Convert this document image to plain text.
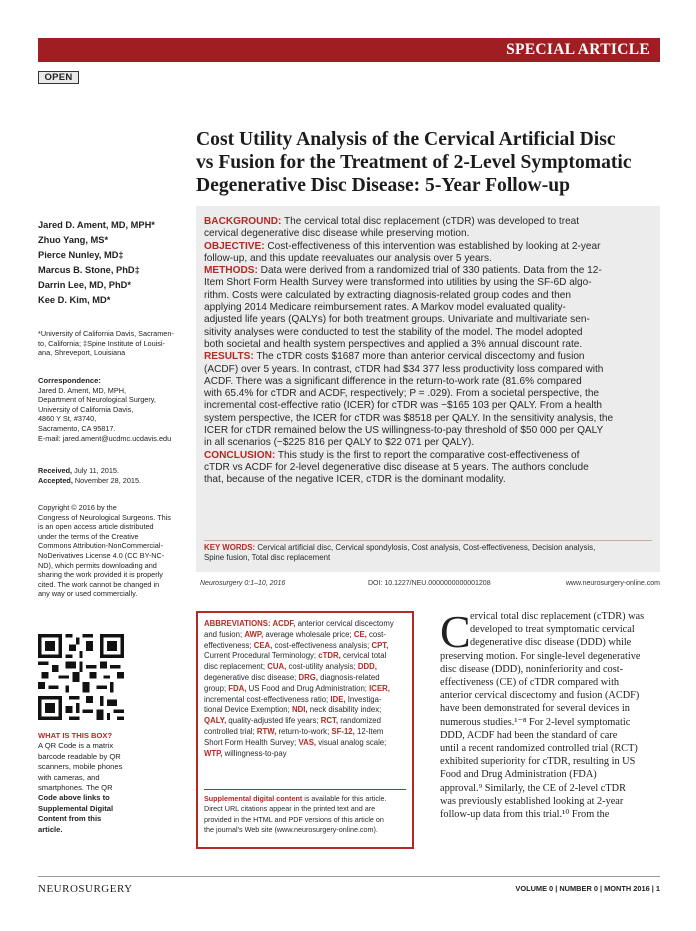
SPECIAL ARTICLE
OPEN
Cost Utility Analysis of the Cervical Artificial Disc
vs Fusion for the Treatment of 2-Level Symptomatic
Degenerative Disc Disease: 5-Year Follow-up
Jared D. Ament, MD, MPH*
Zhuo Yang, MS*
Pierce Nunley, MD‡
Marcus B. Stone, PhD‡
Darrin Lee, MD, PhD*
Kee D. Kim, MD*
*University of California Davis, Sacramen-
to, California; ‡Spine Institute of Louisi-
ana, Shreveport, Louisiana
Correspondence:
Jared D. Ament, MD, MPH,
Department of Neurological Surgery,
University of California Davis,
4860 Y St, #3740,
Sacramento, CA 95817.
E-mail: jared.ament@ucdmc.ucdavis.edu
Received, July 11, 2015.
Accepted, November 28, 2015.
Copyright © 2016 by the
Congress of Neurological Surgeons. This
is an open access article distributed
under the terms of the Creative
Commons Attribution-NonCommercial-
NoDerivatives License 4.0 (CC BY-NC-
ND), which permits downloading and
sharing the work provided it is properly
cited. The work cannot be changed in
any way or used commercially.
WHAT IS THIS BOX?
A QR Code is a matrix
barcode readable by QR
scanners, mobile phones
with cameras, and
smartphones. The QR
Code above links to
Supplemental Digital
Content from this
article.
BACKGROUND: The cervical total disc replacement (cTDR) was developed to treat
cervical degenerative disc disease while preserving motion.
OBJECTIVE: Cost-effectiveness of this intervention was established by looking at 2-year
follow-up, and this update reevaluates our analysis over 5 years.
METHODS: Data were derived from a randomized trial of 330 patients. Data from the 12-
Item Short Form Health Survey were transformed into utilities by using the SF-6D algo-
rithm. Costs were calculated by extracting diagnosis-related group codes and then
applying 2014 Medicare reimbursement rates. A Markov model evaluated quality-
adjusted life years (QALYs) for both treatment groups. Univariate and multivariate sen-
sitivity analyses were conducted to test the stability of the model. The model adopted
both societal and health system perspectives and applied a 3% annual discount rate.
RESULTS: The cTDR costs $1687 more than anterior cervical discectomy and fusion
(ACDF) over 5 years. In contrast, cTDR had $34 377 less productivity loss compared with
ACDF. There was a significant difference in the return-to-work rate (81.6% compared
with 65.4% for cTDR and ACDF, respectively; P = .029). From a societal perspective, the
incremental cost-effective ratio (ICER) for cTDR was −$165 103 per QALY. From a health
system perspective, the ICER for cTDR was $8518 per QALY. In the sensitivity analysis, the
ICER for cTDR remained below the US willingness-to-pay threshold of $50 000 per QALY
in all scenarios (−$225 816 per QALY to $22 071 per QALY).
CONCLUSION: This study is the first to report the comparative cost-effectiveness of
cTDR vs ACDF for 2-level degenerative disc disease at 5 years. The authors conclude
that, because of the negative ICER, cTDR is the dominant modality.
KEY WORDS: Cervical artificial disc, Cervical spondylosis, Cost analysis, Cost-effectiveness, Decision analysis,
Spine fusion, Total disc replacement
Neurosurgery 0:1–10, 2016	DOI: 10.1227/NEU.0000000000001208	www.neurosurgery-online.com
ABBREVIATIONS: ACDF, anterior cervical discectomy
and fusion; AWP, average wholesale price; CE, cost-
effectiveness; CEA, cost-effectiveness analysis; CPT,
Current Procedural Terminology; cTDR, cervical total
disc replacement; CUA, cost-utility analysis; DDD,
degenerative disc disease; DRG, diagnosis-related
group; FDA, US Food and Drug Administration; ICER,
incremental cost-effectiveness ratio; IDE, Investiga-
tional Device Exemption; NDI, neck disability index;
QALY, quality-adjusted life years; RCT, randomized
controlled trial; RTW, return-to-work; SF-12, 12-Item
Short Form Health Survey; VAS, visual analog scale;
WTP, willingness-to-pay
Supplemental digital content is available for this article.
Direct URL citations appear in the printed text and are
provided in the HTML and PDF versions of this article on
the journal’s Web site (www.neurosurgery-online.com).
C ervical total disc replacement (cTDR) was
developed to treat symptomatic cervical
degenerative disc disease (DDD) while
preserving motion. For single-level degenerative
disc disease (DDD), noninferiority and cost-
effectiveness (CE) of cTDR compared with
anterior cervical discectomy and fusion (ACDF)
have been demonstrated for several devices in
numerous studies.¹⁻⁸ For 2-level symptomatic
DDD, ACDF had been the standard of care
until a recent randomized controlled trial (RCT)
exhibited superiority for cTDR, resulting in US
Food and Drug Administration (FDA)
approval.⁹ Similarly, the CE of 2-level cTDR
was previously established looking at 2-year
follow-up data from this trial.¹⁰ From the
NEUROSURGERY	VOLUME 0 | NUMBER 0 | MONTH 2016 | 1
